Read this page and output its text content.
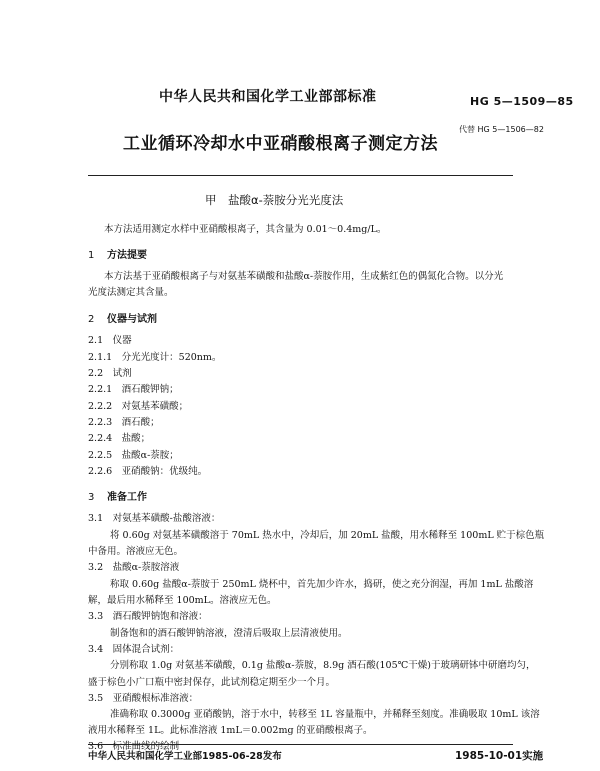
中华人民共和国化学工业部部标准	HG 5—1509—85
工业循环冷却水中亚硝酸根离子测定方法
代替 HG 5—1506—82
甲　盐酸α-萘胺分光光度法
本方法适用测定水样中亚硝酸根离子，其含量为 0.01～0.4mg/L。
1 方法提要
本方法基于亚硝酸根离子与对氨基苯磺酸和盐酸α-萘胺作用，生成紫红色的偶氮化合物。以分光
光度法测定其含量。
2 仪器与试剂
2.1　仪器
2.1.1　分光光度计：520nm。
2.2　试剂
2.2.1　酒石酸钾钠；
2.2.2　对氨基苯磺酸；
2.2.3　酒石酸；
2.2.4　盐酸；
2.2.5　盐酸α-萘胺；
2.2.6　亚硝酸钠：优级纯。
3 准备工作
3.1　对氨基苯磺酸-盐酸溶液：
将 0.60g 对氨基苯磺酸溶于 70mL 热水中，冷却后，加 20mL 盐酸，用水稀释至 100mL 贮于棕色瓶
中备用。溶液应无色。
3.2　盐酸α-萘胺溶液
称取 0.60g 盐酸α-萘胺于 250mL 烧杯中，首先加少许水，捣研，使之充分润湿，再加 1mL 盐酸溶
解，最后用水稀释至 100mL。溶液应无色。
3.3　酒石酸钾钠饱和溶液：
制备饱和的酒石酸钾钠溶液，澄清后吸取上层清液使用。
3.4　固体混合试剂：
分别称取 1.0g 对氨基苯磺酸，0.1g 盐酸α-萘胺，8.9g 酒石酸(105℃干燥)于玻璃研钵中研磨均匀，
盛于棕色小广口瓶中密封保存，此试剂稳定期至少一个月。
3.5　亚硝酸根标准溶液：
准确称取 0.3000g 亚硝酸钠，溶于水中，转移至 1L 容量瓶中，并稀释至刻度。准确吸取 10mL 该溶
液用水稀释至 1L。此标准溶液 1mL＝0.002mg 的亚硝酸根离子。
3.6　标准曲线的绘制
中华人民共和国化学工业部1985-06-28发布	1985-10-01实施
